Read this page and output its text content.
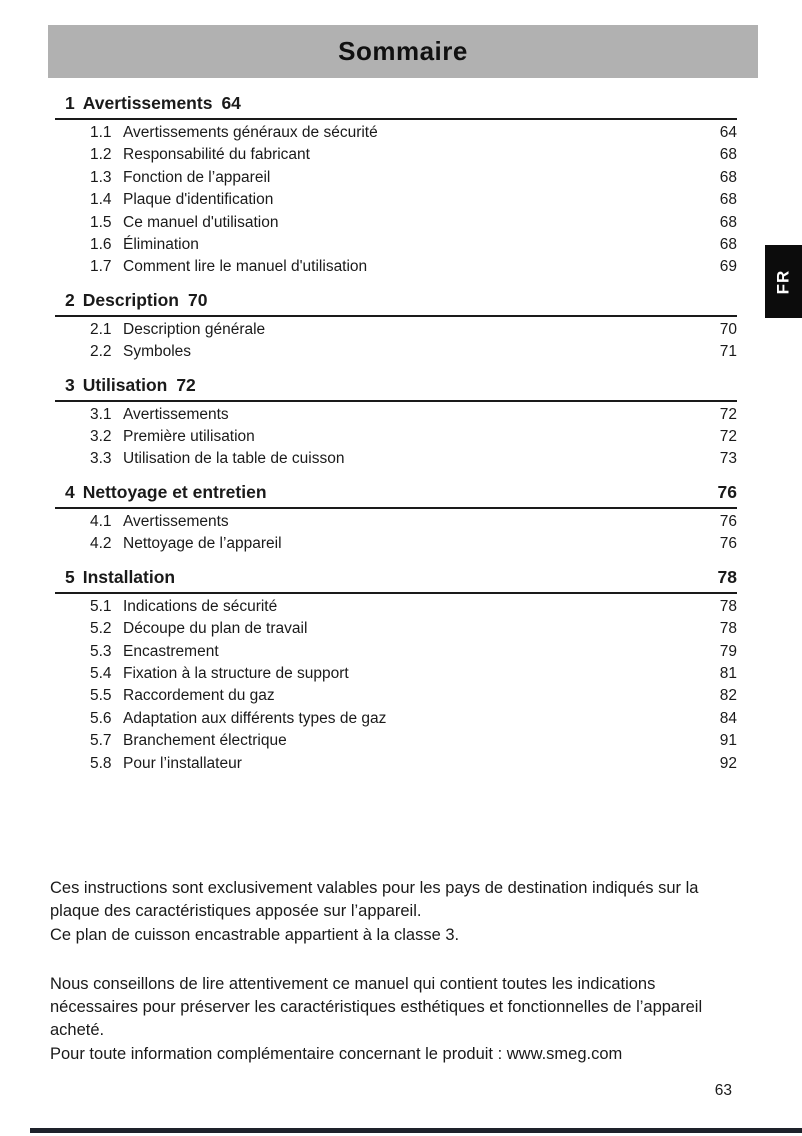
Sommaire
FR
1 Avertissements 64
1.1 Avertissements généraux de sécurité	64
1.2 Responsabilité du fabricant	68
1.3 Fonction de l’appareil	68
1.4 Plaque d'identification	68
1.5 Ce manuel d'utilisation	68
1.6 Élimination	68
1.7 Comment lire le manuel d'utilisation	69
2 Description 70
2.1 Description générale	70
2.2 Symboles	71
3 Utilisation 72
3.1 Avertissements	72
3.2 Première utilisation	72
3.3 Utilisation de la table de cuisson	73
4 Nettoyage et entretien	76
4.1 Avertissements	76
4.2 Nettoyage de l’appareil	76
5 Installation	78
5.1 Indications de sécurité	78
5.2 Découpe du plan de travail	78
5.3 Encastrement	79
5.4 Fixation à la structure de support	81
5.5 Raccordement du gaz	82
5.6 Adaptation aux différents types de gaz	84
5.7 Branchement électrique	91
5.8 Pour l’installateur	92

Ces instructions sont exclusivement valables pour les pays de destination indiqués sur la plaque des caractéristiques apposée sur l’appareil.

Ce plan de cuisson encastrable appartient à la classe 3.

Nous conseillons de lire attentivement ce manuel qui contient toutes les indications nécessaires pour préserver les caractéristiques esthétiques et fonctionnelles de l’appareil acheté.

Pour toute information complémentaire concernant le produit : www.smeg.com

63
